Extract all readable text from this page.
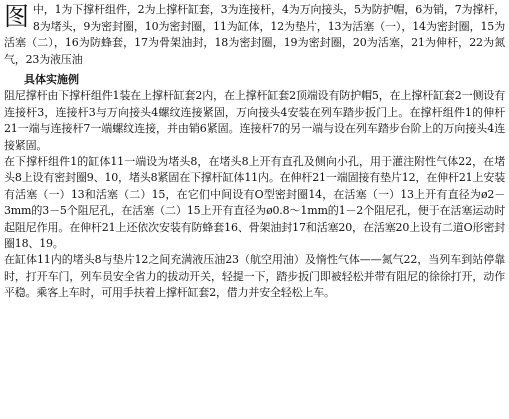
图 中，1为下撑杆组件，2为上撑杆缸套，3为连接杆，4为万向接头，5为防护帽，6为销，7为撑杆，8为堵头，9为密封圈，10为密封圈，11为缸体，12为垫片，13为活塞（一），14为密封圈，15为活塞（二），16为防蜂套，17为骨架油封，18为密封圈，19为密封圈，20为活塞，21为伸杆，22为氮气，23为液压油

具体实施例

阻尼撑杆由下撑杆组件1装在上撑杆缸套2内，在上撑杆缸套2顶端设有防护帽5，在上撑杆缸套2一侧设有连接杆3，连接杆3与万向接头4螺纹连接紧固，万向接头4安装在列车踏步扳门上。在撑杆组件1的伸杆21一端与连接杆7一端螺纹连接，并由销6紧固。连接杆7的另一端与设在列车踏步台阶上的万向接头4连接紧固。

在下撑杆组件1的缸体11一端设为堵头8，在堵头8上开有直孔及侧向小孔，用于灌注附性气体22，在堵头8上设有密封圈9、10，堵头8紧固在下撑杆缸体11内。在伸杆21一端固接有垫片12，在伸杆21上安装有活塞（一）13和活塞（二）15，在它们中间设有O型密封圈14，在活塞（一）13上开有直径为ø2－3mm的3－5个阻尼孔，在活塞（二）15上开有直径为ø0.8～1mm的1－2个阻尼孔，便于在活塞运动时起阻尼作用。在伸杆21上还依次安装有防蜂套16、骨架油封17和活塞20，在活塞20上设有二道O形密封圈18、19。

在缸体11内的堵头8与垫片12之间充满液压油23（航空用油）及惰性气体——氮气22，当列车到站停靠时，打开车门，列车员安全省力的拔动开关，轻提一下，踏步扳门即被轻松并带有阻尼的徐徐打开，动作平稳。乘客上车时，可用手扶着上撑杆缸套2，借力并安全轻松上车。
